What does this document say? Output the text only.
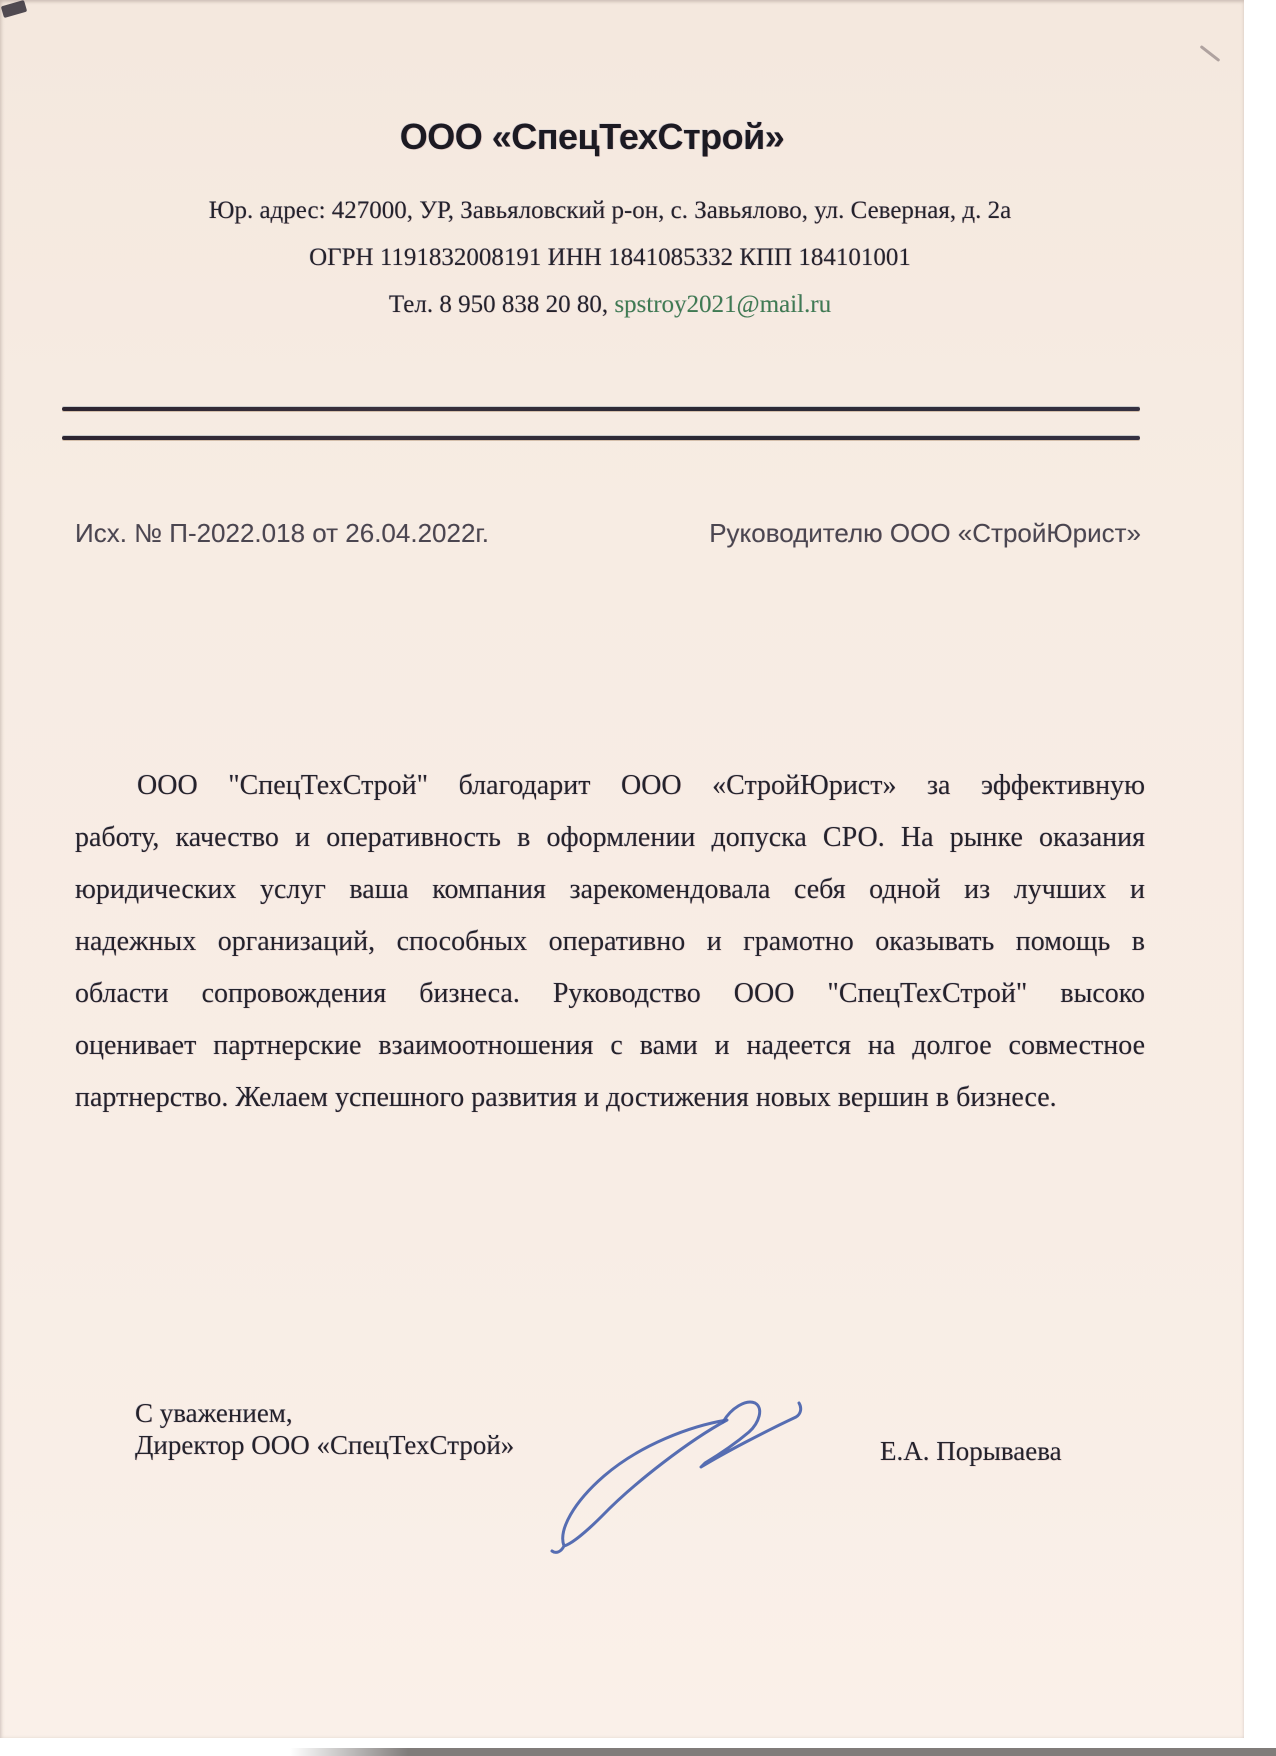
ООО «СпецТехСтрой»
Юр. адрес: 427000, УР, Завьяловский р-он, с. Завьялово, ул. Северная, д. 2а
ОГРН 1191832008191 ИНН 1841085332 КПП 184101001
Тел. 8 950 838 20 80, spstroy2021@mail.ru
Исх. № П-2022.018 от 26.04.2022г.	Руководителю ООО «СтройЮрист»
ООО "СпецТехСтрой" благодарит ООО «СтройЮрист» за эффективную
работу, качество и оперативность в оформлении допуска СРО. На рынке оказания
юридических услуг ваша компания зарекомендовала себя одной из лучших и
надежных организаций, способных оперативно и грамотно оказывать помощь в
области сопровождения бизнеса. Руководство ООО "СпецТехСтрой" высоко
оценивает партнерские взаимоотношения с вами и надеется на долгое совместное
партнерство. Желаем успешного развития и достижения новых вершин в бизнесе.
С уважением,
Директор ООО «СпецТехСтрой»	Е.А. Порываева
